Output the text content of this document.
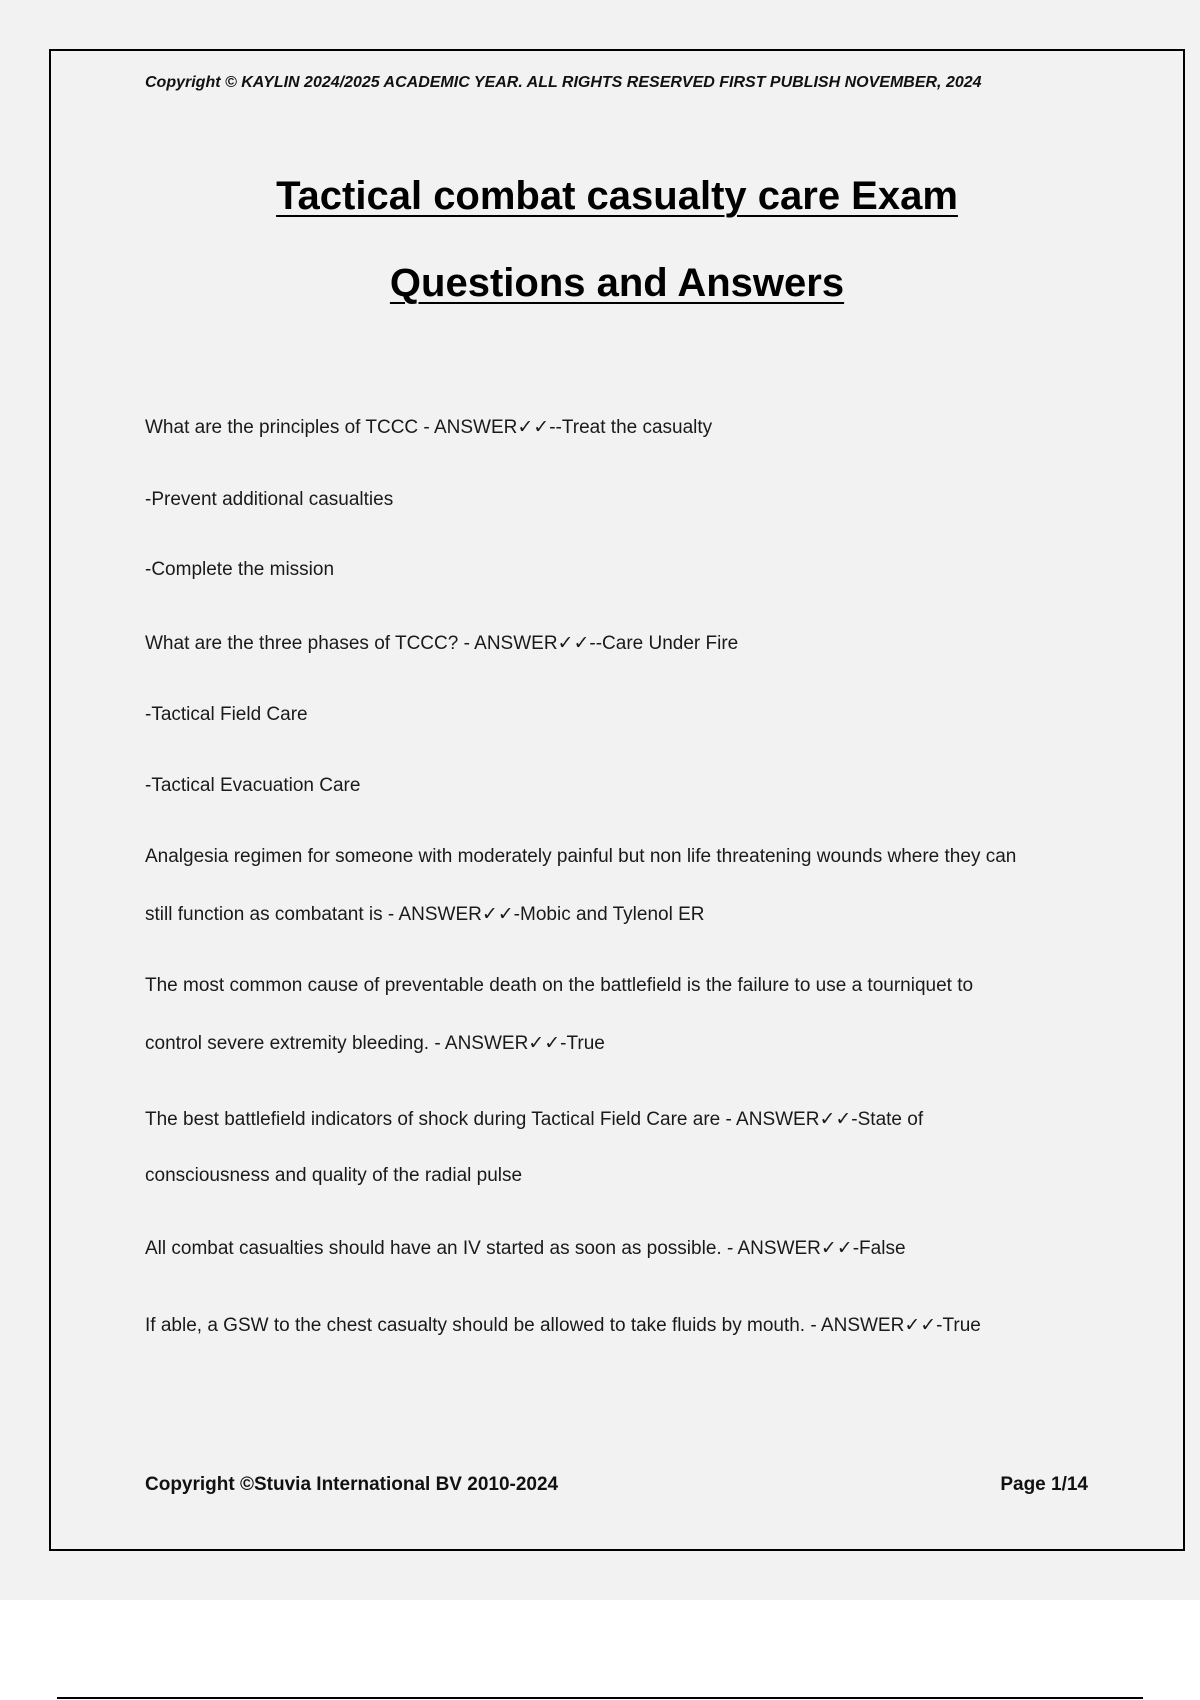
Copyright © KAYLIN 2024/2025 ACADEMIC YEAR. ALL RIGHTS RESERVED FIRST PUBLISH NOVEMBER, 2024
Tactical combat casualty care Exam
Questions and Answers
What are the principles of TCCC - ANSWER✓✓--Treat the casualty
-Prevent additional casualties
-Complete the mission
What are the three phases of TCCC? - ANSWER✓✓--Care Under Fire
-Tactical Field Care
-Tactical Evacuation Care
Analgesia regimen for someone with moderately painful but non life threatening wounds where they can
still function as combatant is - ANSWER✓✓-Mobic and Tylenol ER
The most common cause of preventable death on the battlefield is the failure to use a tourniquet to
control severe extremity bleeding. - ANSWER✓✓-True
The best battlefield indicators of shock during Tactical Field Care are - ANSWER✓✓-State of
consciousness and quality of the radial pulse
All combat casualties should have an IV started as soon as possible. - ANSWER✓✓-False
If able, a GSW to the chest casualty should be allowed to take fluids by mouth. - ANSWER✓✓-True
Copyright ©Stuvia International BV 2010-2024	Page 1/14
